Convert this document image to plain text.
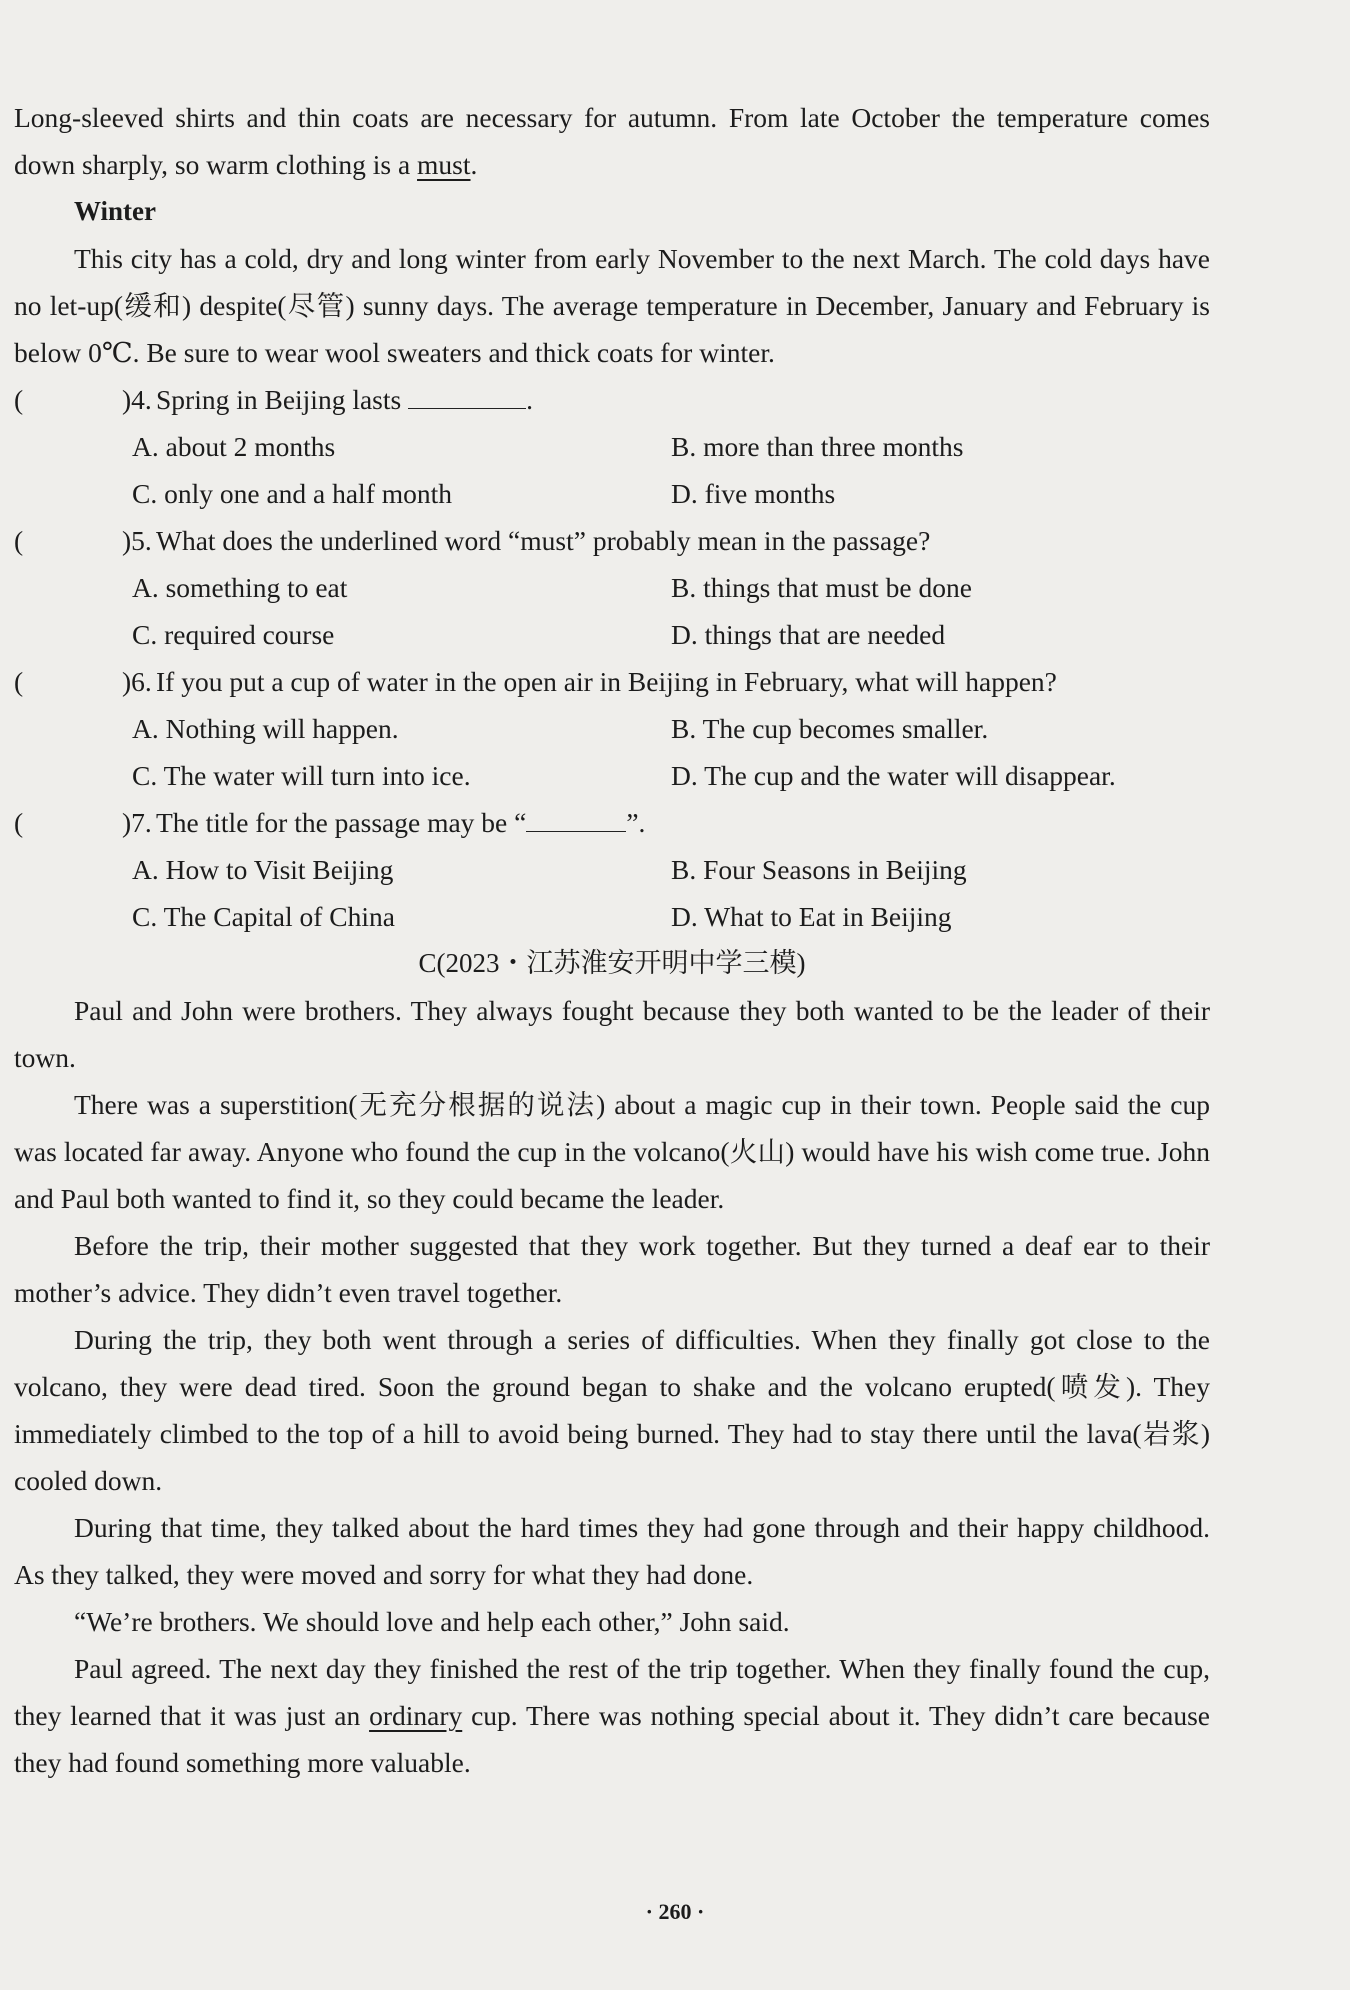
Long-sleeved shirts and thin coats are necessary for autumn. From late October the temperature comes down sharply, so warm clothing is a must.

Winter

This city has a cold, dry and long winter from early November to the next March. The cold days have no let-up(缓和) despite(尽管) sunny days. The average temperature in December, January and February is below 0℃. Be sure to wear wool sweaters and thick coats for winter.

(	)4. Spring in Beijing lasts	.
A. about 2 months	B. more than three months
C. only one and a half month	D. five months
(	)5. What does the underlined word “must” probably mean in the passage?
A. something to eat	B. things that must be done
C. required course	D. things that are needed
(	)6. If you put a cup of water in the open air in Beijing in February, what will happen?
A. Nothing will happen.	B. The cup becomes smaller.
C. The water will turn into ice.	D. The cup and the water will disappear.
(	)7. The title for the passage may be “	”.
A. How to Visit Beijing	B. Four Seasons in Beijing
C. The Capital of China	D. What to Eat in Beijing

C(2023・江苏淮安开明中学三模)

Paul and John were brothers. They always fought because they both wanted to be the leader of their town.

There was a superstition(无充分根据的说法) about a magic cup in their town. People said the cup was located far away. Anyone who found the cup in the volcano(火山) would have his wish come true. John and Paul both wanted to find it, so they could became the leader.

Before the trip, their mother suggested that they work together. But they turned a deaf ear to their mother’s advice. They didn’t even travel together.

During the trip, they both went through a series of difficulties. When they finally got close to the volcano, they were dead tired. Soon the ground began to shake and the volcano erupted(喷发). They immediately climbed to the top of a hill to avoid being burned. They had to stay there until the lava(岩浆) cooled down.

During that time, they talked about the hard times they had gone through and their happy childhood. As they talked, they were moved and sorry for what they had done.

“We’re brothers. We should love and help each other,” John said.

Paul agreed. The next day they finished the rest of the trip together. When they finally found the cup, they learned that it was just an ordinary cup. There was nothing special about it. They didn’t care because they had found something more valuable.

· 260 ·
